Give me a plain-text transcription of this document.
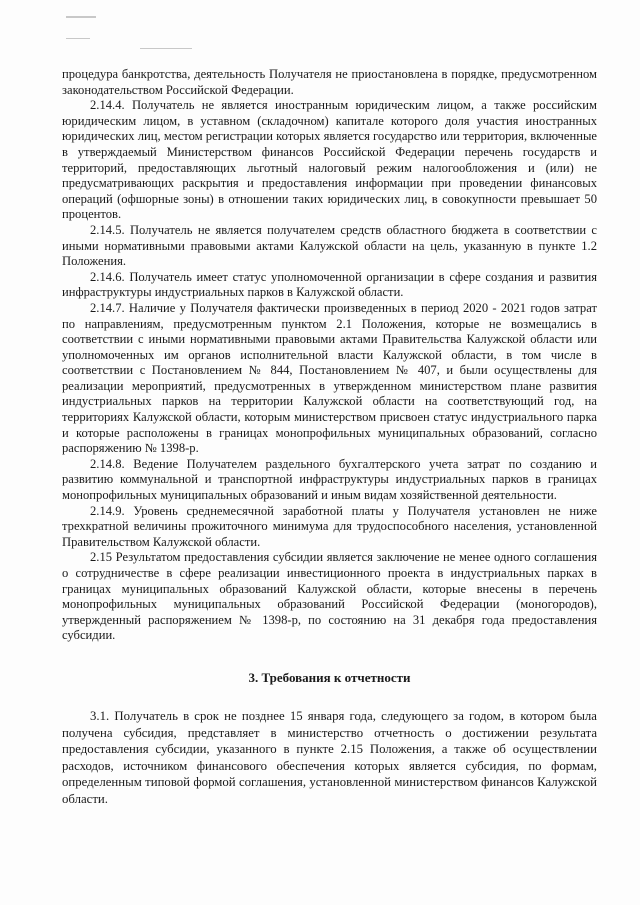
процедура банкротства, деятельность Получателя не приостановлена в порядке, предусмотренном законодательством Российской Федерации.

2.14.4. Получатель не является иностранным юридическим лицом, а также российским юридическим лицом, в уставном (складочном) капитале которого доля участия иностранных юридических лиц, местом регистрации которых является государство или территория, включенные в утверждаемый Министерством финансов Российской Федерации перечень государств и территорий, предоставляющих льготный налоговый режим налогообложения и (или) не предусматривающих раскрытия и предоставления информации при проведении финансовых операций (офшорные зоны) в отношении таких юридических лиц, в совокупности превышает 50 процентов.

2.14.5. Получатель не является получателем средств областного бюджета в соответствии с иными нормативными правовыми актами Калужской области на цель, указанную в пункте 1.2 Положения.

2.14.6. Получатель имеет статус уполномоченной организации в сфере создания и развития инфраструктуры индустриальных парков в Калужской области.

2.14.7. Наличие у Получателя фактически произведенных в период 2020 - 2021 годов затрат по направлениям, предусмотренным пунктом 2.1 Положения, которые не возмещались в соответствии с иными нормативными правовыми актами Правительства Калужской области или уполномоченных им органов исполнительной власти Калужской области, в том числе в соответствии с Постановлением № 844, Постановлением № 407, и были осуществлены для реализации мероприятий, предусмотренных в утвержденном министерством плане развития индустриальных парков на территории Калужской области на соответствующий год, на территориях Калужской области, которым министерством присвоен статус индустриального парка и которые расположены в границах монопрофильных муниципальных образований, согласно распоряжению № 1398-р.

2.14.8. Ведение Получателем раздельного бухгалтерского учета затрат по созданию и развитию коммунальной и транспортной инфраструктуры индустриальных парков в границах монопрофильных муниципальных образований и иным видам хозяйственной деятельности.

2.14.9. Уровень среднемесячной заработной платы у Получателя установлен не ниже трехкратной величины прожиточного минимума для трудоспособного населения, установленной Правительством Калужской области.

2.15 Результатом предоставления субсидии является заключение не менее одного соглашения о сотрудничестве в сфере реализации инвестиционного проекта в индустриальных парках в границах муниципальных образований Калужской области, которые внесены в перечень монопрофильных муниципальных образований Российской Федерации (моногородов), утвержденный распоряжением № 1398-р, по состоянию на 31 декабря года предоставления субсидии.

3. Требования к отчетности

3.1. Получатель в срок не позднее 15 января года, следующего за годом, в котором была получена субсидия, представляет в министерство отчетность о достижении результата предоставления субсидии, указанного в пункте 2.15 Положения, а также об осуществлении расходов, источником финансового обеспечения которых является субсидия, по формам, определенным типовой формой соглашения, установленной министерством финансов Калужской области.
